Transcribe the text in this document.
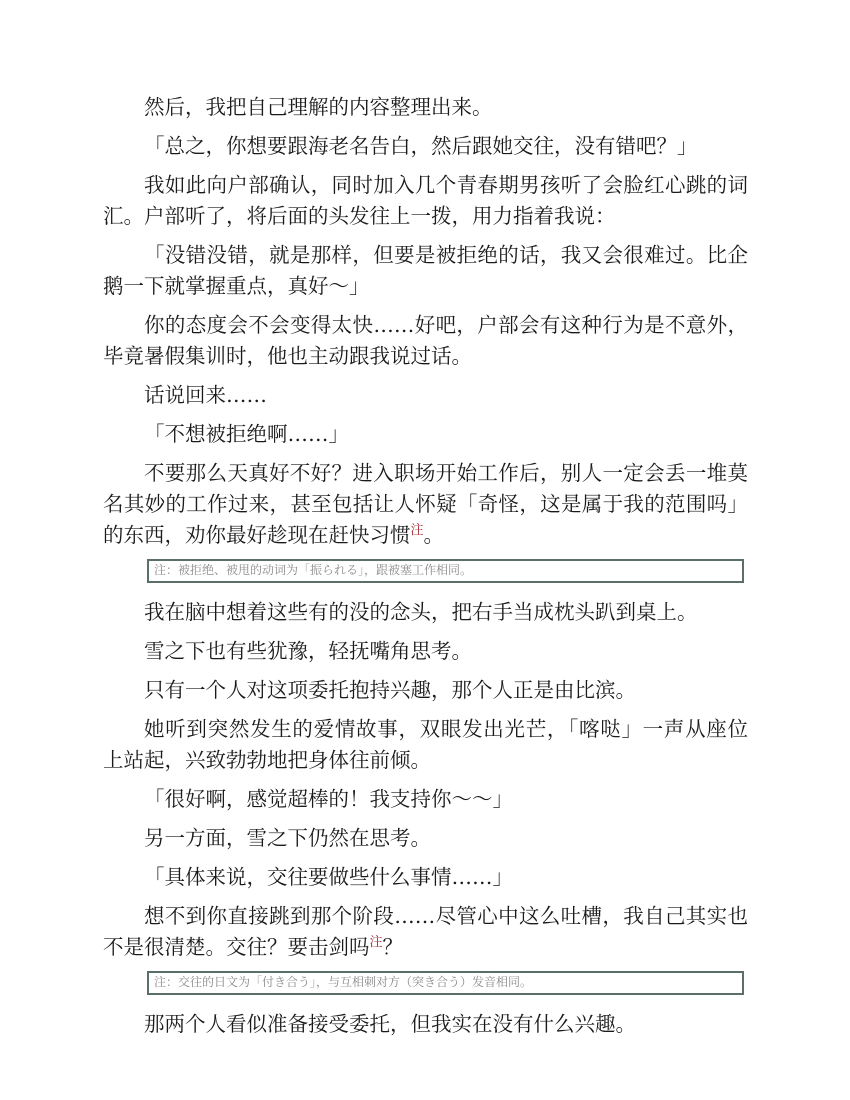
然后，我把自己理解的内容整理出来。

「总之，你想要跟海老名告白，然后跟她交往，没有错吧？」

我如此向户部确认，同时加入几个青春期男孩听了会脸红心跳的词汇。户部听了，将后面的头发往上一拨，用力指着我说：

「没错没错，就是那样，但要是被拒绝的话，我又会很难过。比企鹅一下就掌握重点，真好～」

你的态度会不会变得太快……好吧，户部会有这种行为是不意外，毕竟暑假集训时，他也主动跟我说过话。

话说回来……

「不想被拒绝啊……」

不要那么天真好不好？进入职场开始工作后，别人一定会丢一堆莫名其妙的工作过来，甚至包括让人怀疑「奇怪，这是属于我的范围吗」的东西，劝你最好趁现在赶快习惯$^注$。

注：被拒绝、被甩的动词为「振られる」，跟被塞工作相同。

我在脑中想着这些有的没的念头，把右手当成枕头趴到桌上。

雪之下也有些犹豫，轻抚嘴角思考。

只有一个人对这项委托抱持兴趣，那个人正是由比滨。

她听到突然发生的爱情故事，双眼发出光芒，「喀哒」一声从座位上站起，兴致勃勃地把身体往前倾。

「很好啊，感觉超棒的！我支持你～～」

另一方面，雪之下仍然在思考。

「具体来说，交往要做些什么事情……」

想不到你直接跳到那个阶段……尽管心中这么吐槽，我自己其实也不是很清楚。交往？要击剑吗$^注$？

注：交往的日文为「付き合う」，与互相刺对方（突き合う）发音相同。

那两个人看似准备接受委托，但我实在没有什么兴趣。
